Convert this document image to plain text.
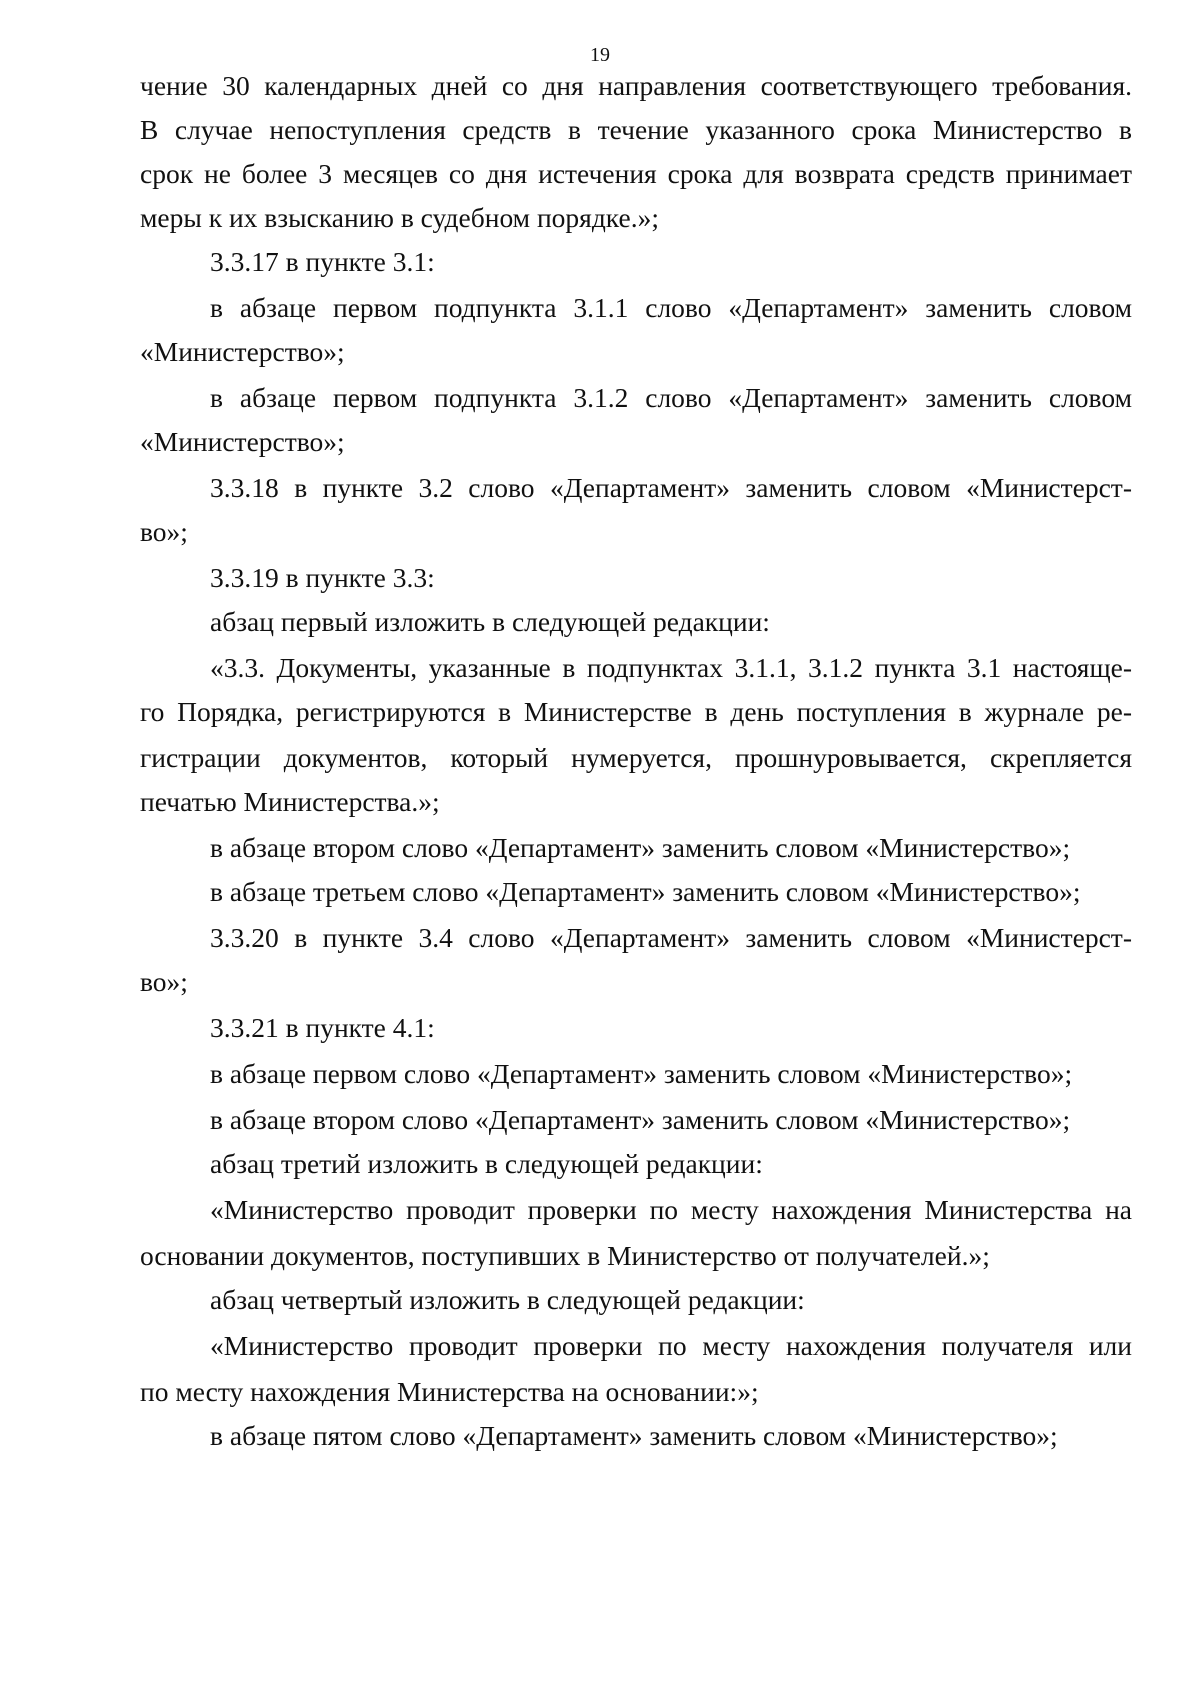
19
чение 30 календарных дней со дня направления соответствующего требования.
В случае непоступления средств в течение указанного срока Министерство в
срок не более 3 месяцев со дня истечения срока для возврата средств принимает
меры к их взысканию в судебном порядке.»;
3.3.17 в пункте 3.1:
в абзаце первом подпункта 3.1.1 слово «Департамент» заменить словом
«Министерство»;
в абзаце первом подпункта 3.1.2 слово «Департамент» заменить словом
«Министерство»;
3.3.18 в пункте 3.2 слово «Департамент» заменить словом «Министерст-
во»;
3.3.19 в пункте 3.3:
абзац первый изложить в следующей редакции:
«3.3. Документы, указанные в подпунктах 3.1.1, 3.1.2 пункта 3.1 настояще-
го Порядка, регистрируются в Министерстве в день поступления в журнале ре-
гистрации документов, который нумеруется, прошнуровывается, скрепляется
печатью Министерства.»;
в абзаце втором слово «Департамент» заменить словом «Министерство»;
в абзаце третьем слово «Департамент» заменить словом «Министерство»;
3.3.20 в пункте 3.4 слово «Департамент» заменить словом «Министерст-
во»;
3.3.21 в пункте 4.1:
в абзаце первом слово «Департамент» заменить словом «Министерство»;
в абзаце втором слово «Департамент» заменить словом «Министерство»;
абзац третий изложить в следующей редакции:
«Министерство проводит проверки по месту нахождения Министерства на
основании документов, поступивших в Министерство от получателей.»;
абзац четвертый изложить в следующей редакции:
«Министерство проводит проверки по месту нахождения получателя или
по месту нахождения Министерства на основании:»;
в абзаце пятом слово «Департамент» заменить словом «Министерство»;
